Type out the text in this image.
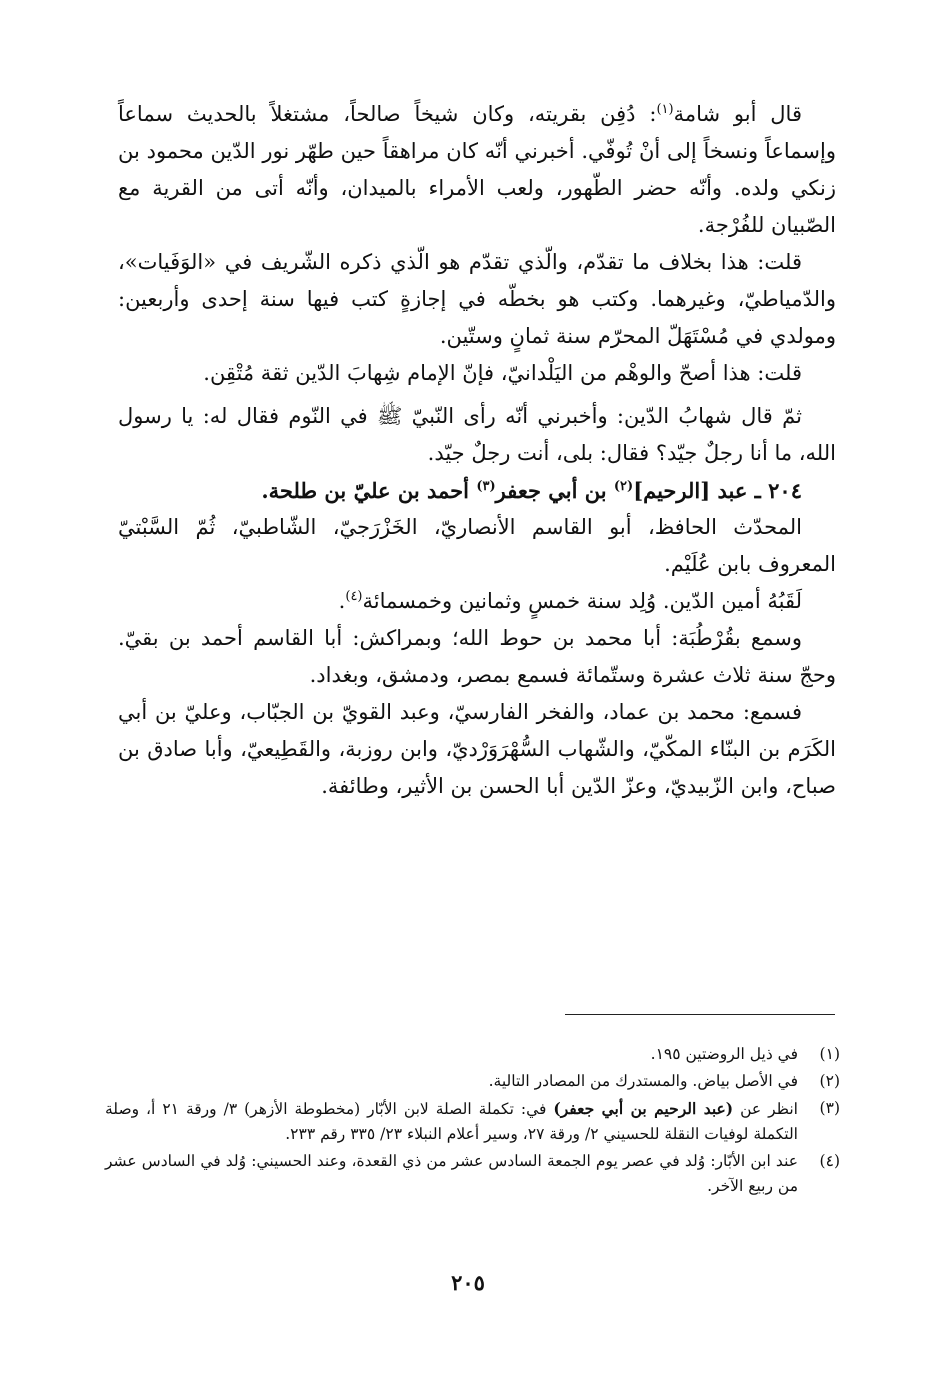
قال أبو شامة$^{(١)}$: دُفِن بقريته، وكان شيخاً صالحاً، مشتغلاً بالحديث سماعاً وإسماعاً ونسخاً إلى أنْ تُوفّي. أخبرني أنّه كان مراهقاً حين طهّر نور الدّين محمود بن زنكي ولده. وأنّه حضر الطّهور، ولعب الأمراء بالميدان، وأنّه أتى من القرية مع الصّبيان للفُرْجة.

قلت: هذا بخلاف ما تقدّم، والّذي تقدّم هو الّذي ذكره الشّريف في «الوَفَيات»، والدّمياطيّ، وغيرهما. وكتب هو بخطّه في إجازةٍ كتب فيها سنة إحدى وأربعين: ومولدي في مُسْتَهَلّ المحرّم سنة ثمانٍ وستّين.

قلت: هذا أصحّ والوهْم من اليَلْدانيّ، فإنّ الإمام شِهابَ الدّين ثقة مُتْقِن.

ثمّ قال شهابُ الدّين: وأخبرني أنّه رأى النّبيّ ﷺ في النّوم فقال له: يا رسول الله، ما أنا رجلٌ جيّد؟ فقال: بلى، أنت رجلٌ جيّد.

٢٠٤ ـ عبد [الرحيم]$^{(٢)}$ بن أبي جعفر$^{(٣)}$ أحمد بن عليّ بن طلحة.

المحدّث الحافظ، أبو القاسم الأنصاريّ، الخَزْرَجيّ، الشّاطبيّ، ثُمّ السَّبْتيّ المعروف بابن عُلَيْم.

لَقَبُهُ أمين الدّين. وُلِد سنة خمسٍ وثمانين وخمسمائة$^{(٤)}$.

وسمع بقُرْطُبَة: أبا محمد بن حوط الله؛ وبمراكش: أبا القاسم أحمد بن بقيّ. وحجّ سنة ثلاث عشرة وستّمائة فسمع بمصر، ودمشق، وبغداد.

فسمع: محمد بن عماد، والفخر الفارسيّ، وعبد القويّ بن الجبّاب، وعليّ بن أبي الكَرَم بن البنّاء المكّيّ، والشّهاب السُّهْرَوَرْديّ، وابن روزبة، والقَطِيعيّ، وأبا صادق بن صباح، وابن الزّبيديّ، وعزّ الدّين أبا الحسن بن الأثير، وطائفة.

(١)
في ذيل الروضتين ١٩٥.
(٢)
في الأصل بياض. والمستدرك من المصادر التالية.
(٣)
انظر عن (عبد الرحيم بن أبي جعفر) في: تكملة الصلة لابن الأبّار (مخطوطة الأزهر) ٣/ ورقة ٢١ أ، وصلة التكملة لوفيات النقلة للحسيني ٢/ ورقة ٢٧، وسير أعلام النبلاء ٢٣/ ٣٣٥ رقم ٢٣٣.
(٤)
عند ابن الأبّار: وُلد في عصر يوم الجمعة السادس عشر من ذي القعدة، وعند الحسيني: وُلد في السادس عشر من ربيع الآخر.
٢٠٥
